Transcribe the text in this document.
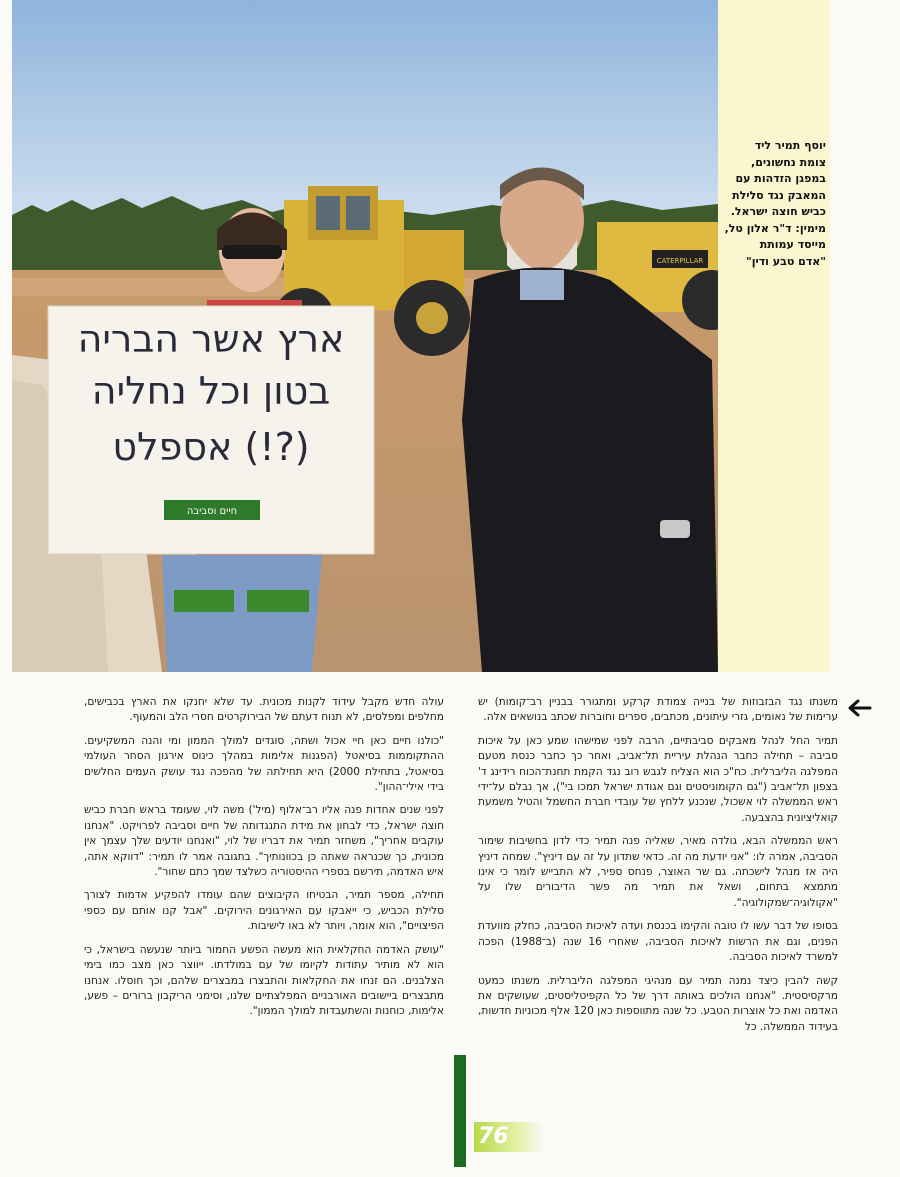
CATERPILLAR
ארץ אשר הבריה
בטון וכל נחליה
(?!) אספלט
חיים וסביבה
יוסף תמיר ליד
צומת נחשונים,
במפגן הזדהות עם
המאבק נגד סלילת
כביש חוצה ישראל.
מימין: ד"ר אלון טל,
מייסד עמותת
"אדם טבע ודין"

משנתו נגד הבזבוזות של בנייה צמודת קרקע ומתגורר בבניין רב־קומות) יש ערימות של נאומים, גזרי עיתונים, מכתבים, ספרים וחוברות שכתב בנושאים אלה.

תמיר החל לנהל מאבקים סביבתיים, הרבה לפני שמישהו שמע כאן על איכות סביבה – תחילה כחבר הנהלת עיריית תל־אביב, ואחר כך כחבר כנסת מטעם המפלגה הליברלית. כח"כ הוא הצליח לגבש רוב נגד הקמת תחנת־הכוח רידינג ד' בצפון תל־אביב ("גם הקומוניסטים וגם אגודת ישראל תמכו בי"), אך נבלם על־ידי ראש הממשלה לוי אשכול, שנכנע ללחץ של עובדי חברת החשמל והטיל משמעת קואליציונית בהצבעה.

ראש הממשלה הבא, גולדה מאיר, שאליה פנה תמיר כדי לדון בחשיבות שימור הסביבה, אמרה לו: "אני יודעת מה זה. כדאי שתדון על זה עם דיניץ". שמחה דיניץ היה אז מנהל לישכתה. גם שר האוצר, פנחס ספיר, לא התבייש לומר כי אינו מתמצא בתחום, ושאל את תמיר מה פשר הדיבורים שלו על "אקולוגיה־שמקולוגיה".

בסופו של דבר עשו לו טובה והקימו בכנסת ועדה לאיכות הסביבה, כחלק מוועדת הפנים, וגם את הרשות לאיכות הסביבה, שאחרי 16 שנה (ב־1988) הפכה למשרד לאיכות הסביבה.

קשה להבין כיצד נמנה תמיר עם מנהיגי המפלגה הליברלית. משנתו כמעט מרקסיסטית. "אנחנו הולכים באותה דרך של כל הקפיטליסטים, שעושקים את האדמה ואת כל אוצרות הטבע. כל שנה מתווספות כאן 120 אלף מכוניות חדשות, בעידוד הממשלה. כל

עולה חדש מקבל עידוד לקנות מכונית. עד שלא יחנקו את הארץ בכבישים, מחלפים ומפלסים, לא תנוח דעתם של הבירוקרטים חסרי הלב והמעוף.

"כולנו חיים כאן חיי אכול ושתה, סוגדים למולך הממון ומי והנה המשקיעים. ההתקוממות בסיאטל (הפגנות אלימות במהלך כינוס אירגון הסחר העולמי בסיאטל, בתחילת 2000) היא תחילתה של מהפכה נגד עושק העמים החלשים בידי אילי־ההון".

לפני שנים אחדות פנה אליו רב־אלוף (מיל') משה לוי, שעומד בראש חברת כביש חוצה ישראל, כדי לבחון את מידת התנגדותה של חיים וסביבה לפרויקט. "אנחנו עוקבים אחריך", משחזר תמיר את דבריו של לוי, "ואנחנו יודעים שלך עצמך אין מכונית, כך שכנראה שאתה כן בכוונותיך". בתגובה אמר לו תמיר: "דווקא אתה, איש האדמה, תירשם בספרי ההיסטוריה כשלצד שמך כתם שחור".

תחילה, מספר תמיר, הבטיחו הקיבוצים שהם עומדו להפקיע אדמות לצורך סלילת הכביש, כי ייאבקו עם האירגונים הירוקים. "אבל קנו אותם עם כספי הפיצויים", הוא אומר, ויותר לא באו לישיבות.

"עושק האדמה החקלאית הוא מעשה הפשע החמור ביותר שנעשה בישראל, כי הוא לא מותיר עתודות לקיומו של עם במולדתו. ייווצר כאן מצב כמו בימי הצלבנים. הם זנחו את החקלאות והתבצרו במבצרים שלהם, וכך חוסלו. אנחנו מתבצרים ביישובים האורבניים המפלצתיים שלנו, וסימני הריקבון ברורים – פשע, אלימות, כוחנות והשתעבדות למולך הממון".

76
